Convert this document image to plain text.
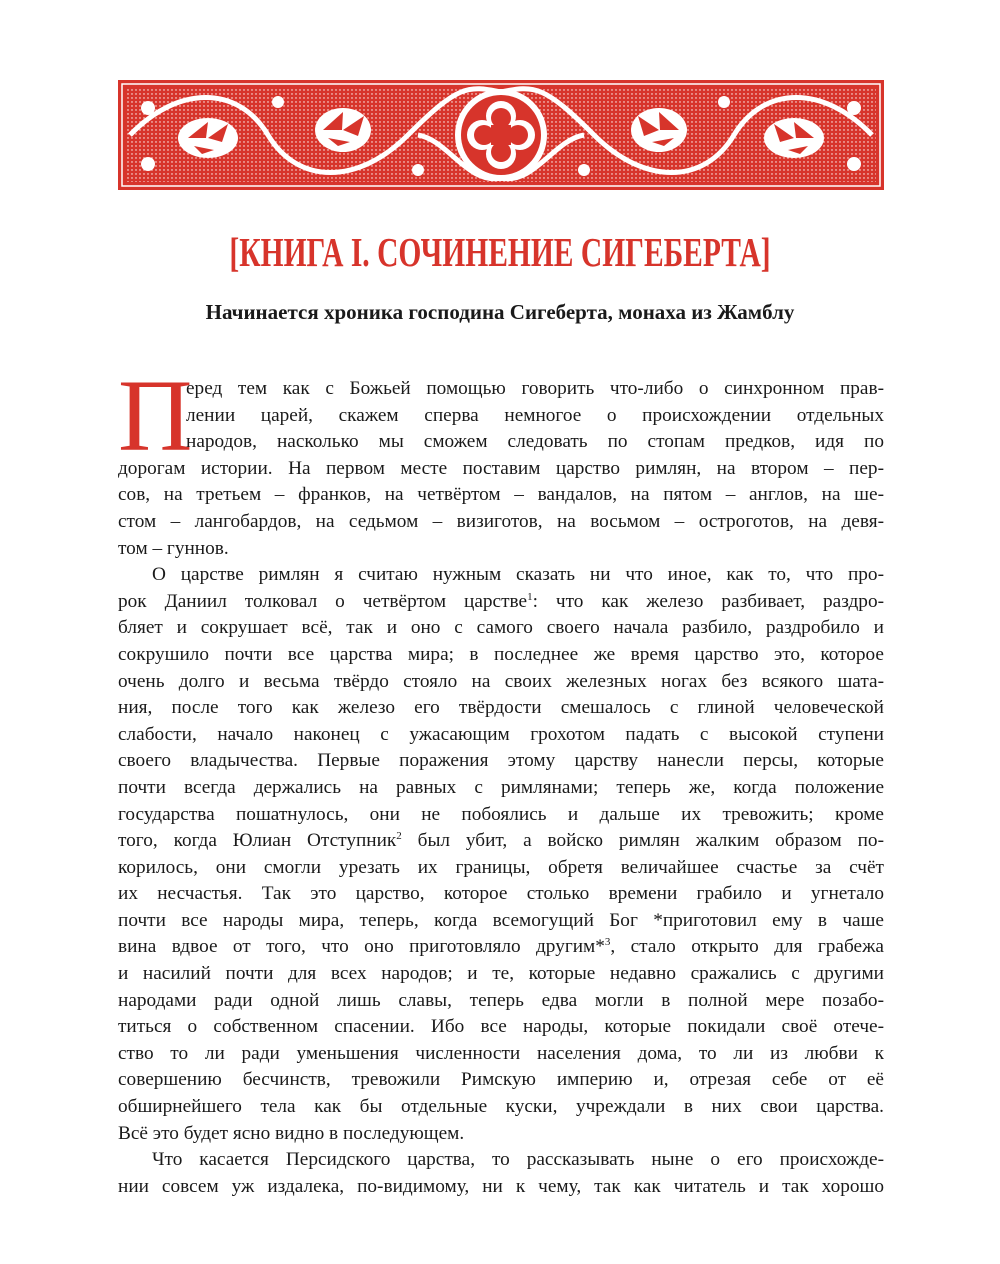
[КНИГА I. СОЧИНЕНИЕ СИГЕБЕРТА]
Начинается хроника господина Сигеберта, монаха из Жамблу
П
еред тем как с Божьей помощью говорить что-либо о синхронном прав-
лении царей, скажем сперва немногое о происхождении отдельных
народов, насколько мы сможем следовать по стопам предков, идя по
дорогам истории. На первом месте поставим царство римлян, на втором – пер-
сов, на третьем – франков, на четвёртом – вандалов, на пятом – англов, на ше-
стом – лангобардов, на седьмом – визиготов, на восьмом – остроготов, на девя-
том – гуннов.
О царстве римлян я считаю нужным сказать ни что иное, как то, что про-
рок Даниил толковал о четвёртом царстве$^1$: что как железо разбивает, раздро-
бляет и сокрушает всё, так и оно с самого своего начала разбило, раздробило и
сокрушило почти все царства мира; в последнее же время царство это, которое
очень долго и весьма твёрдо стояло на своих железных ногах без всякого шата-
ния, после того как железо его твёрдости смешалось с глиной человеческой
слабости, начало наконец с ужасающим грохотом падать с высокой ступени
своего владычества. Первые поражения этому царству нанесли персы, которые
почти всегда держались на равных с римлянами; теперь же, когда положение
государства пошатнулось, они не побоялись и дальше их тревожить; кроме
того, когда Юлиан Отступник$^2$ был убит, а войско римлян жалким образом по-
корилось, они смогли урезать их границы, обретя величайшее счастье за счёт
их несчастья. Так это царство, которое столько времени грабило и угнетало
почти все народы мира, теперь, когда всемогущий Бог *приготовил ему в чаше
вина вдвое от того, что оно приготовляло другим*$^3$, стало открыто для грабежа
и насилий почти для всех народов; и те, которые недавно сражались с другими
народами ради одной лишь славы, теперь едва могли в полной мере позабо-
титься о собственном спасении. Ибо все народы, которые покидали своё отече-
ство то ли ради уменьшения численности населения дома, то ли из любви к
совершению бесчинств, тревожили Римскую империю и, отрезая себе от её
обширнейшего тела как бы отдельные куски, учреждали в них свои царства.
Всё это будет ясно видно в последующем.
Что касается Персидского царства, то рассказывать ныне о его происхожде-
нии совсем уж издалека, по-видимому, ни к чему, так как читатель и так хорошо
